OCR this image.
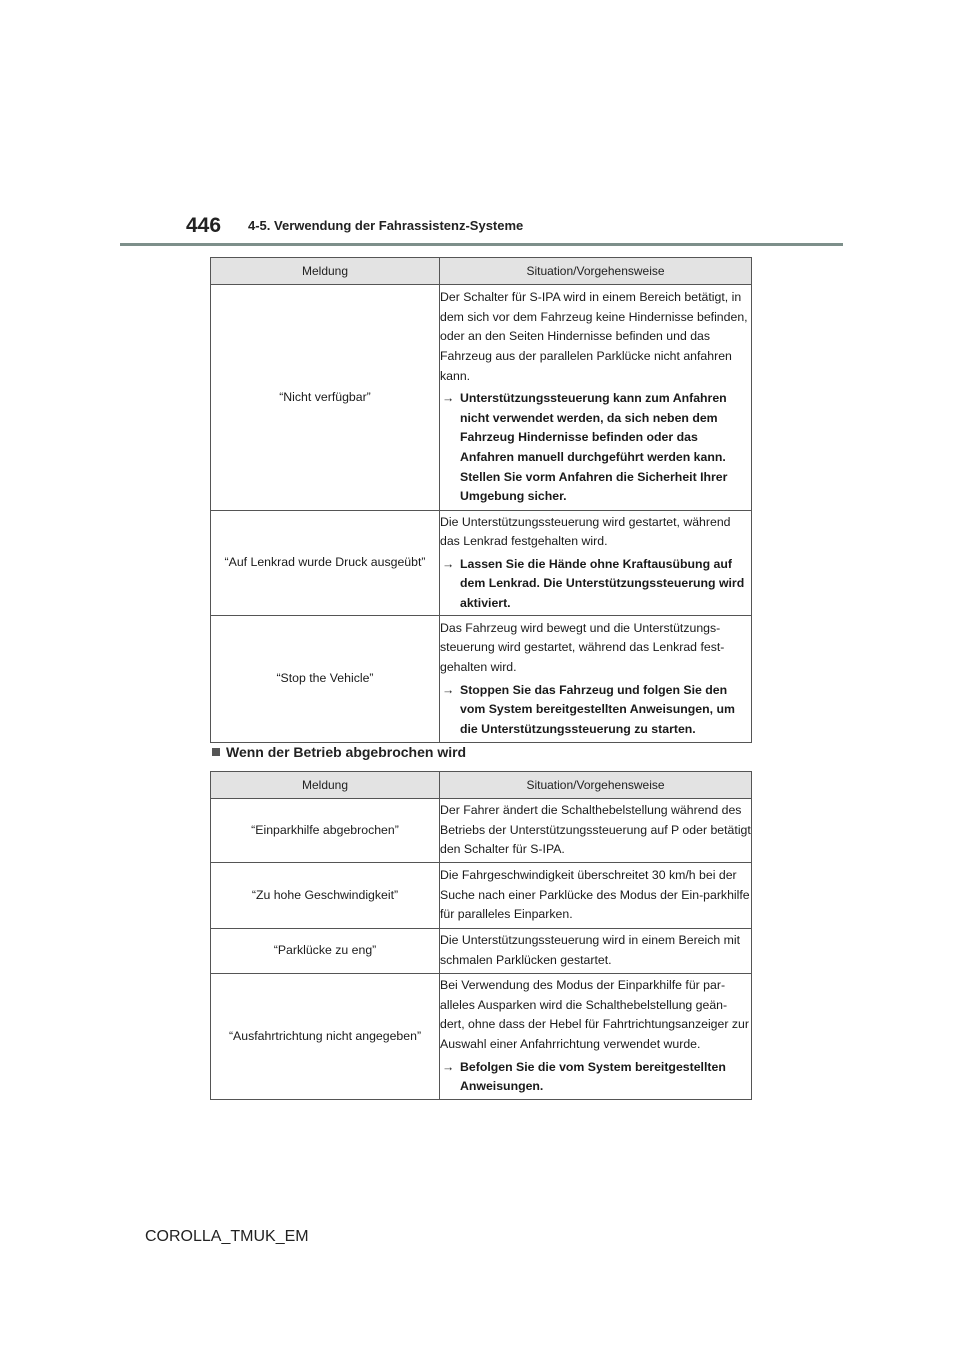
446 4-5. Verwendung der Fahrassistenz-Systeme
Meldung	Situation/Vorgehensweise
“Nicht verfügbar”	Der Schalter für S-IPA wird in einem Bereich betätigt, in dem sich vor dem Fahrzeug keine Hindernisse befinden, oder an den Seiten Hindernisse befinden und das Fahrzeug aus der parallelen Parklücke nicht anfahren kann.

→ Unterstützungssteuerung kann zum Anfahren nicht verwendet werden, da sich neben dem Fahrzeug Hindernisse befinden oder das Anfahren manuell durchgeführt werden kann. Stellen Sie vorm Anfahren die Sicherheit Ihrer Umgebung sicher.

“Auf Lenkrad wurde Druck ausgeübt”	Die Unterstützungssteuerung wird gestartet, während das Lenkrad festgehalten wird.

→ Lassen Sie die Hände ohne Kraftausübung auf dem Lenkrad. Die Unterstützungssteuerung wird aktiviert.

“Stop the Vehicle”	Das Fahrzeug wird bewegt und die Unterstützungs-steuerung wird gestartet, während das Lenkrad fest-gehalten wird.

→ Stoppen Sie das Fahrzeug und folgen Sie den vom System bereitgestellten Anweisungen, um die Unterstützungssteuerung zu starten.
Wenn der Betrieb abgebrochen wird
Meldung	Situation/Vorgehensweise
“Einparkhilfe abgebrochen”	Der Fahrer ändert die Schalthebelstellung während des Betriebs der Unterstützungssteuerung auf P oder betätigt den Schalter für S-IPA.

“Zu hohe Geschwindigkeit”	Die Fahrgeschwindigkeit überschreitet 30 km/h bei der Suche nach einer Parklücke des Modus der Ein-parkhilfe für paralleles Einparken.

“Parklücke zu eng”	Die Unterstützungssteuerung wird in einem Bereich mit schmalen Parklücken gestartet.

“Ausfahrtrichtung nicht angegeben”	Bei Verwendung des Modus der Einparkhilfe für par-alleles Ausparken wird die Schalthebelstellung geän-dert, ohne dass der Hebel für Fahrtrichtungsanzeiger zur Auswahl einer Anfahrrichtung verwendet wurde.

→ Befolgen Sie die vom System bereitgestellten Anweisungen.
COROLLA_TMUK_EM
